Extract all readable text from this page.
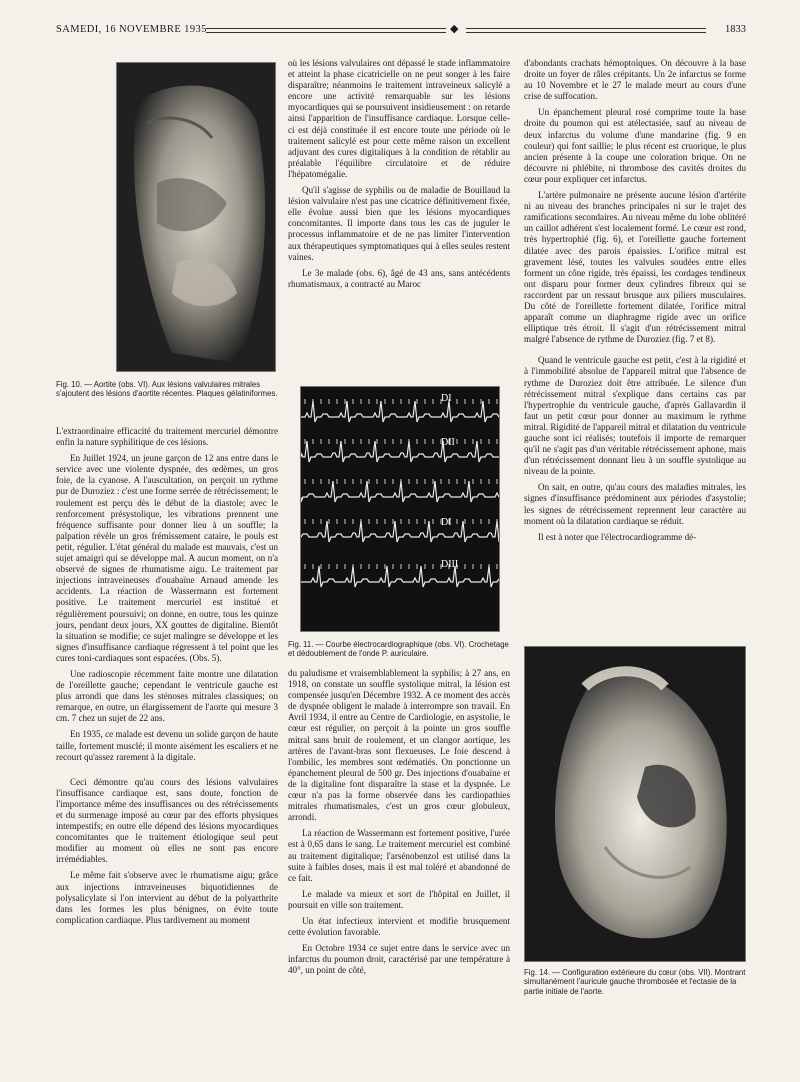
SAMEDI, 16 NOVEMBRE 1935	◆	1833
Fig. 10. — Aortite (obs. VI). Aux lésions valvulaires mitrales s'ajoutent des lésions d'aortite récentes. Plaques gélatiniformes.

L'extraordinaire efficacité du traitement mercuriel démontre enfin la nature syphilitique de ces lésions.

En Juillet 1924, un jeune garçon de 12 ans entre dans le service avec une violente dyspnée, des œdèmes, un gros foie, de la cyanose. A l'auscultation, on perçoit un rythme pur de Duroziez : c'est une forme serrée de rétrécissement; le roulement est perçu dès le début de la diastole; avec le renforcement présystolique, les vibrations prennent une fréquence suffisante pour donner lieu à un souffle; la palpation révèle un gros frémissement cataire, le pouls est petit, régulier. L'état général du malade est mauvais, c'est un sujet amaigri qui se développe mal. A aucun moment, on n'a observé de signes de rhumatisme aigu. Le traitement par injections intraveineuses d'ouabaïne Arnaud amende les accidents. La réaction de Wassermann est fortement positive. Le traitement mercuriel est institué et régulièrement poursuivi; on donne, en outre, tous les quinze jours, pendant deux jours, XX gouttes de digitaline. Bientôt la situation se modifie; ce sujet malingre se développe et les signes d'insuffisance cardiaque régressent à tel point que les cures toni-cardiaques sont espacées. (Obs. 5).

Une radioscopie récemment faite montre une dilatation de l'oreillette gauche; cependant le ventricule gauche est plus arrondi que dans les sténoses mitrales classiques; on remarque, en outre, un élargissement de l'aorte qui mesure 3 cm. 7 chez un sujet de 22 ans.

En 1935, ce malade est devenu un solide garçon de haute taille, fortement musclé; il monte aisément les escaliers et ne recourt qu'assez rarement à la digitale.

Ceci démontre qu'au cours des lésions valvulaires l'insuffisance cardiaque est, sans doute, fonction de l'importance même des insuffisances ou des rétrécissements et du surmenage imposé au cœur par des efforts physiques intempestifs; en outre elle dépend des lésions myocardiques concomitantes que le traitement étiologique seul peut modifier au moment où elles ne sont pas encore irrémédiables.

Le même fait s'observe avec le rhumatisme aigu; grâce aux injections intraveineuses biquotidiennes de polysalicylate si l'on intervient au début de la polyarthrite dans les formes les plus bénignes, on évite toute complication cardiaque. Plus tardivement au moment

où les lésions valvulaires ont dépassé le stade inflammatoire et atteint la phase cicatricielle on ne peut songer à les faire disparaître; néanmoins le traitement intraveineux salicylé a encore une activité remarquable sur les lésions myocardiques qui se poursuivent insidieusement : on retarde ainsi l'apparition de l'insuffisance cardiaque. Lorsque celle-ci est déjà constituée il est encore toute une période où le traitement salicylé est pour cette même raison un excellent adjuvant des cures digitaliques à la condition de rétablir au préalable l'équilibre circulatoire et de réduire l'hépatomégalie.

Qu'il s'agisse de syphilis ou de maladie de Bouillaud la lésion valvulaire n'est pas une cicatrice définitivement fixée, elle évolue aussi bien que les lésions myocardiques concomitantes. Il importe dans tous les cas de juguler le processus inflammatoire et de ne pas limiter l'intervention aux thérapeutiques symptomatiques qui à elles seules restent vaines.

Le 3e malade (obs. 6), âgé de 43 ans, sans antécédents rhumatismaux, a contracté au Maroc

DI
DII
DI
DIII
Fig. 11. — Courbe électrocardiographique (obs. VI). Crochetage et dédoublement de l'onde P. auriculaire.

du paludisme et vraisemblablement la syphilis; à 27 ans, en 1918, on constate un souffle systolique mitral, la lésion est compensée jusqu'en Décembre 1932. A ce moment des accès de dyspnée obligent le malade à interrompre son travail. En Avril 1934, il entre au Centre de Cardiologie, en asystolie, le cœur est régulier, on perçoit à la pointe un gros souffle mitral sans bruit de roulement, et un clangor aortique, les artères de l'avant-bras sont flexueuses. Le foie descend à l'ombilic, les membres sont œdématiés. On ponctionne un épanchement pleural de 500 gr. Des injections d'ouabaïne et de la digitaline font disparaître la stase et la dyspnée. Le cœur n'a pas la forme observée dans les cardiopathies mitrales rhumatismales, c'est un gros cœur globuleux, arrondi.

La réaction de Wassermann est fortement positive, l'urée est à 0,65 dans le sang. Le traitement mercuriel est combiné au traitement digitalique; l'arsénobenzol est utilisé dans la suite à faibles doses, mais il est mal toléré et abandonné de ce fait.

Le malade va mieux et sort de l'hôpital en Juillet, il poursuit en ville son traitement.

Un état infectieux intervient et modifie brusquement cette évolution favorable.

En Octobre 1934 ce sujet entre dans le service avec un infarctus du poumon droit, caractérisé par une température à 40°, un point de côté,

d'abondants crachats hémoptoïques. On découvre à la base droite un foyer de râles crépitants. Un 2e infarctus se forme au 10 Novembre et le 27 le malade meurt au cours d'une crise de suffocation.

Un épanchement pleural rosé comprime toute la base droite du poumon qui est atélectasiée, sauf au niveau de deux infarctus du volume d'une mandarine (fig. 9 en couleur) qui font saillie; le plus récent est cruorique, le plus ancien présente à la coupe une coloration brique. On ne découvre ni phlébite, ni thrombose des cavités droites du cœur pour expliquer cet infarctus.

L'artère pulmonaire ne présente aucune lésion d'artérite ni au niveau des branches principales ni sur le trajet des ramifications secondaires. Au niveau même du lobe oblitéré un caillot adhérent s'est localement formé. Le cœur est rond, très hypertrophié (fig. 6), et l'oreillette gauche fortement dilatée avec des parois épaissies. L'orifice mitral est gravement lésé, toutes les valvules soudées entre elles forment un cône rigide, très épaissi, les cordages tendineux ont disparu pour former deux cylindres fibreux qui se raccordent par un ressaut brusque aux piliers musculaires. Du côté de l'oreillette fortement dilatée, l'orifice mitral apparaît comme un diaphragme rigide avec un orifice elliptique très étroit. Il s'agit d'un rétrécissement mitral malgré l'absence de rythme de Duroziez (fig. 7 et 8).

Quand le ventricule gauche est petit, c'est à la rigidité et à l'immobilité absolue de l'appareil mitral que l'absence de rythme de Duroziez doit être attribuée. Le silence d'un rétrécissement mitral s'explique dans certains cas par l'hypertrophie du ventricule gauche, d'après Gallavardin il faut un petit cœur pour donner au maximum le rythme mitral. Rigidité de l'appareil mitral et dilatation du ventricule gauche sont ici réalisés; toutefois il importe de remarquer qu'il ne s'agit pas d'un véritable rétrécissement aphone, mais d'un rétrécissement donnant lieu à un souffle systolique au niveau de la pointe.

On sait, en outre, qu'au cours des maladies mitrales, les signes d'insuffisance prédominent aux périodes d'asystolie; les signes de rétrécissement reprennent leur caractère au moment où la dilatation cardiaque se réduit.

Il est à noter que l'électrocardiogramme dé-

Fig. 14. — Configuration extérieure du cœur (obs. VII). Montrant simultanément l'auricule gauche thrombosée et l'ectasie de la partie initiale de l'aorte.
